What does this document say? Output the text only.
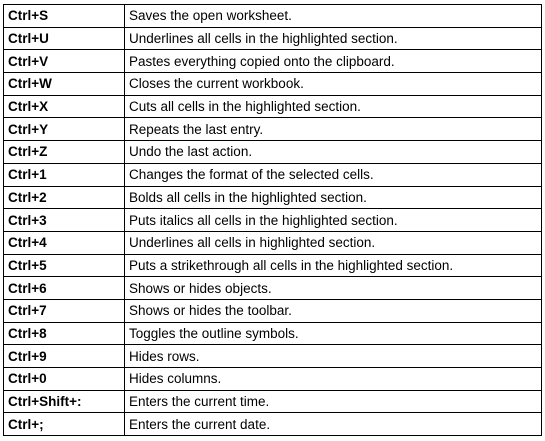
Ctrl+S	Saves the open worksheet.
Ctrl+U	Underlines all cells in the highlighted section.
Ctrl+V	Pastes everything copied onto the clipboard.
Ctrl+W	Closes the current workbook.
Ctrl+X	Cuts all cells in the highlighted section.
Ctrl+Y	Repeats the last entry.
Ctrl+Z	Undo the last action.
Ctrl+1	Changes the format of the selected cells.
Ctrl+2	Bolds all cells in the highlighted section.
Ctrl+3	Puts italics all cells in the highlighted section.
Ctrl+4	Underlines all cells in highlighted section.
Ctrl+5	Puts a strikethrough all cells in the highlighted section.
Ctrl+6	Shows or hides objects.
Ctrl+7	Shows or hides the toolbar.
Ctrl+8	Toggles the outline symbols.
Ctrl+9	Hides rows.
Ctrl+0	Hides columns.
Ctrl+Shift+:	Enters the current time.
Ctrl+;	Enters the current date.
